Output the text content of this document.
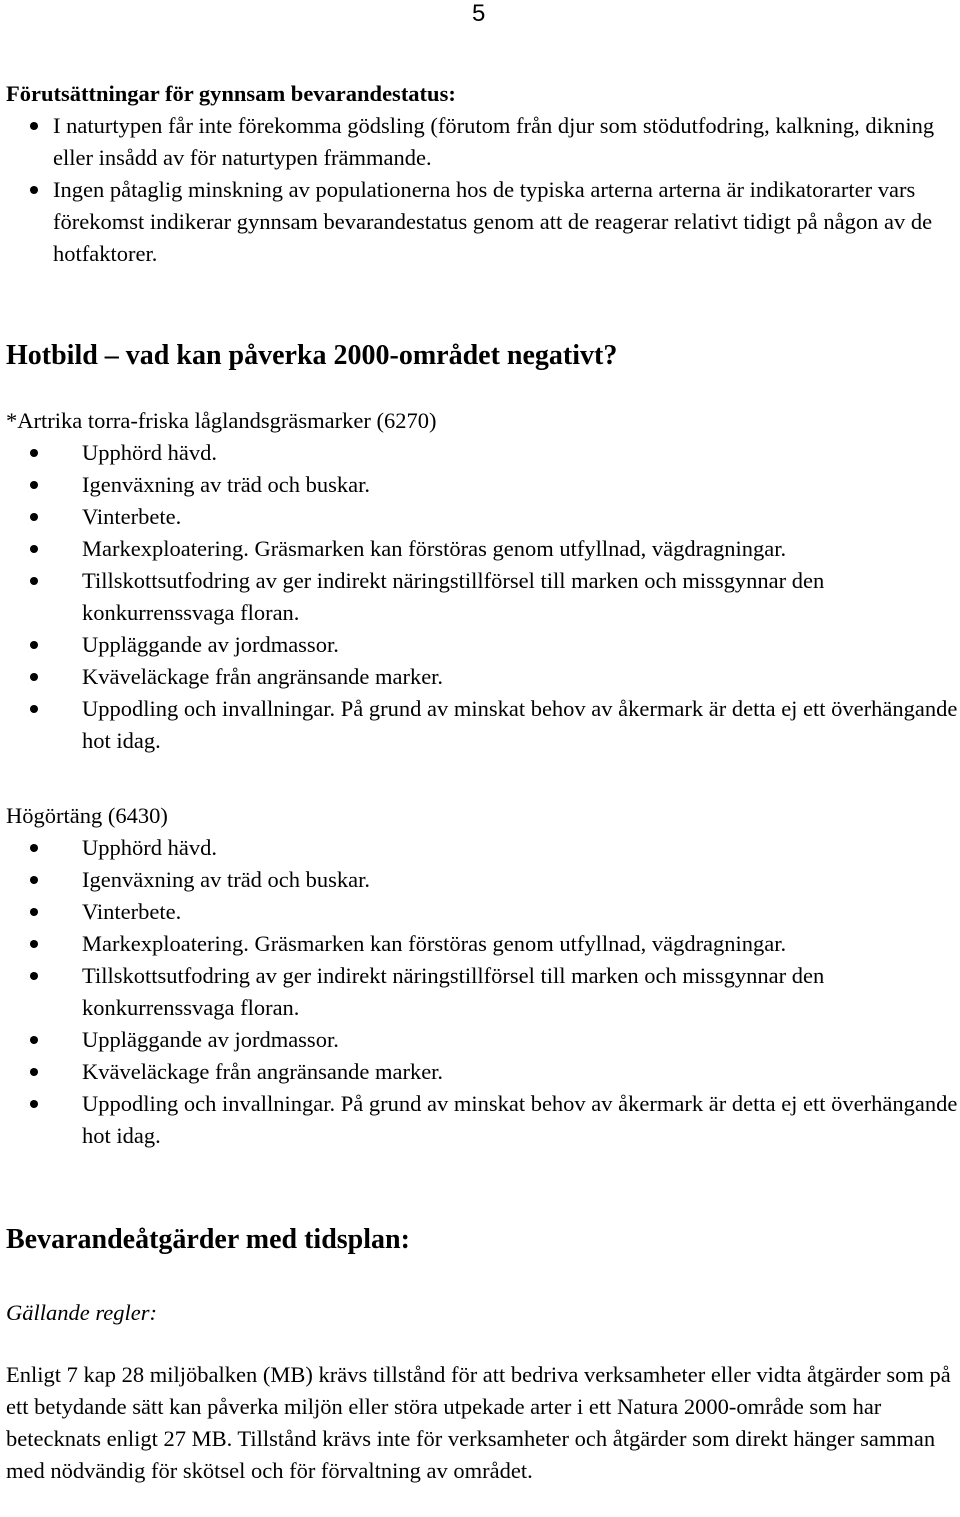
5
Förutsättningar för gynnsam bevarandestatus:
I naturtypen får inte förekomma gödsling (förutom från djur som stödutfodring, kalkning, dikning eller insådd av för naturtypen främmande.
Ingen påtaglig minskning av populationerna hos de typiska arterna arterna är indikatorarter vars förekomst indikerar gynnsam bevarandestatus genom att de reagerar relativt tidigt på någon av de hotfaktorer.
Hotbild – vad kan påverka 2000-området negativt?
*Artrika torra-friska låglandsgräsmarker (6270)
Upphörd hävd.
Igenväxning av träd och buskar.
Vinterbete.
Markexploatering. Gräsmarken kan förstöras genom utfyllnad, vägdragningar.
Tillskottsutfodring av ger indirekt näringstillförsel till marken och missgynnar den konkurrenssvaga floran.
Uppläggande av jordmassor.
Kväveläckage från angränsande marker.
Uppodling och invallningar. På grund av minskat behov av åkermark är detta ej ett överhängande hot idag.
Högörtäng (6430)
Upphörd hävd.
Igenväxning av träd och buskar.
Vinterbete.
Markexploatering. Gräsmarken kan förstöras genom utfyllnad, vägdragningar.
Tillskottsutfodring av ger indirekt näringstillförsel till marken och missgynnar den konkurrenssvaga floran.
Uppläggande av jordmassor.
Kväveläckage från angränsande marker.
Uppodling och invallningar. På grund av minskat behov av åkermark är detta ej ett överhängande hot idag.
Bevarandeåtgärder med tidsplan:
Gällande regler:

Enligt 7 kap 28 miljöbalken (MB) krävs tillstånd för att bedriva verksamheter eller vidta åtgärder som på ett betydande sätt kan påverka miljön eller störa utpekade arter i ett Natura 2000-område som har betecknats enligt 27 MB. Tillstånd krävs inte för verksamheter och åtgärder som direkt hänger samman med nödvändig för skötsel och för förvaltning av området.
